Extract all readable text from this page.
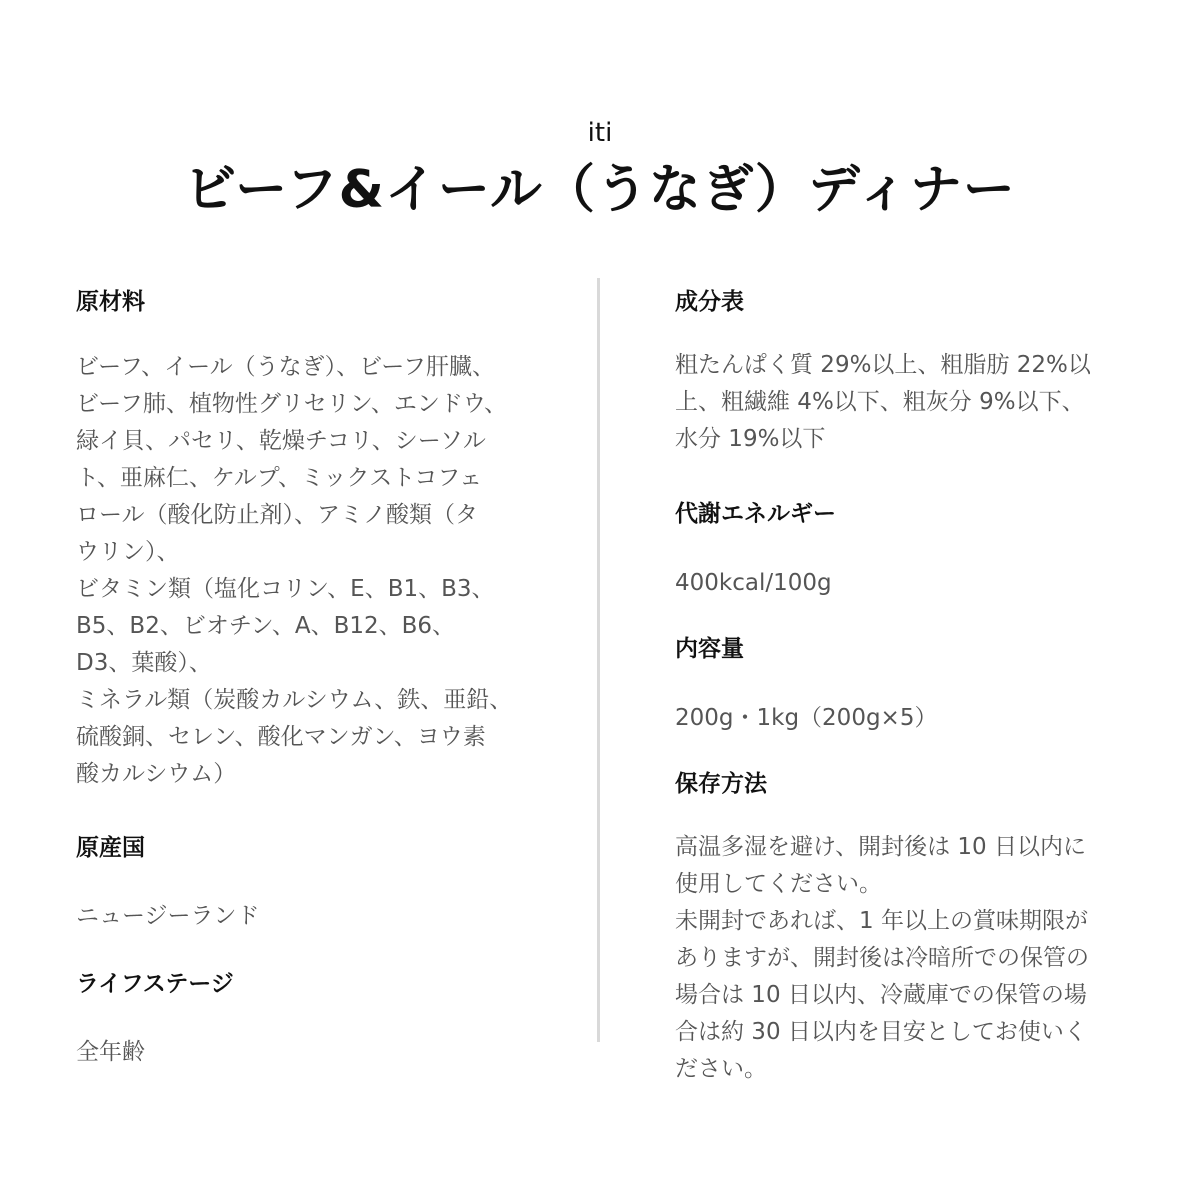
iti
ビーフ&イール（うなぎ）ディナー
原材料

ビーフ、イール（うなぎ）、ビーフ肝臓、
ビーフ肺、植物性グリセリン、エンドウ、
緑イ貝、パセリ、乾燥チコリ、シーソル
ト、亜麻仁、ケルプ、ミックストコフェ
ロール（酸化防止剤）、アミノ酸類（タ
ウリン）、
ビタミン類（塩化コリン、E、B1、B3、
B5、B2、ビオチン、A、B12、B6、
D3、葉酸）、
ミネラル類（炭酸カルシウム、鉄、亜鉛、
硫酸銅、セレン、酸化マンガン、ヨウ素
酸カルシウム）

原産国

ニュージーランド

ライフステージ

全年齢

成分表

粗たんぱく質 29%以上、粗脂肪 22%以
上、粗繊維 4%以下、粗灰分 9%以下、
水分 19%以下

代謝エネルギー

400kcal/100g

内容量

200g・1kg（200g×5）

保存方法

高温多湿を避け、開封後は 10 日以内に
使用してください。
未開封であれば、1 年以上の賞味期限が
ありますが、開封後は冷暗所での保管の
場合は 10 日以内、冷蔵庫での保管の場
合は約 30 日以内を目安としてお使いく
ださい。
